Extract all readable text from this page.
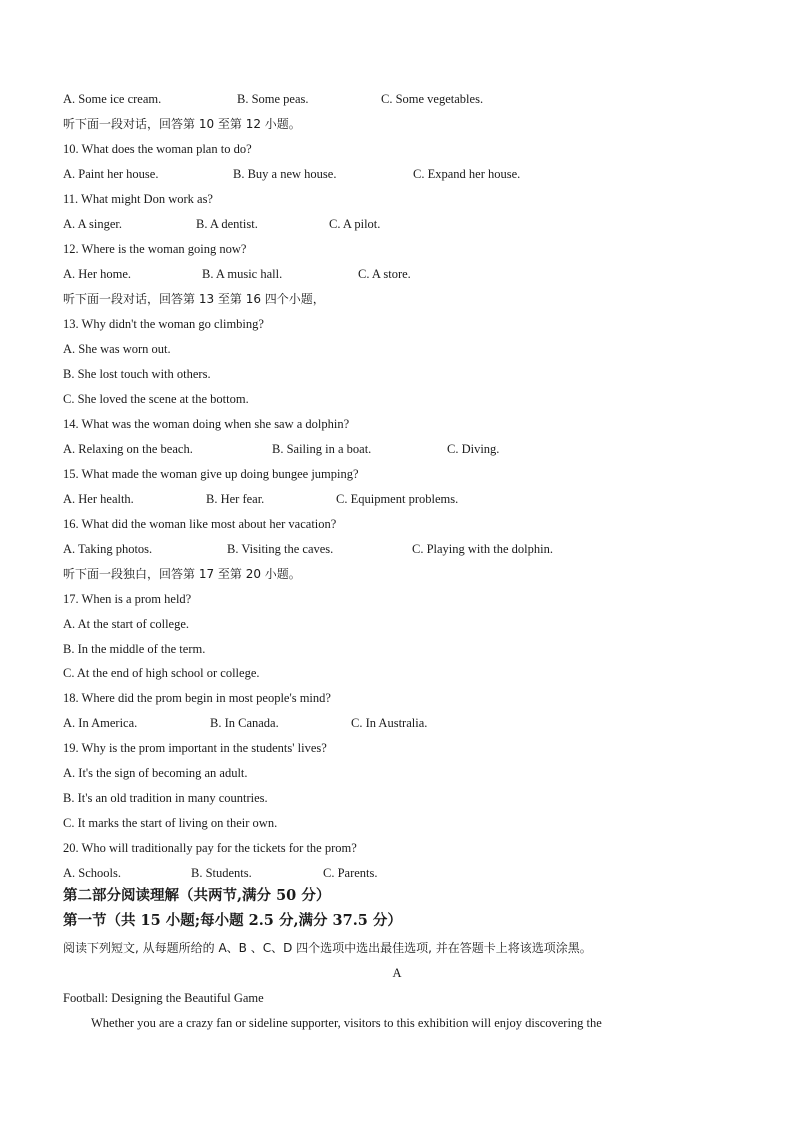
A. Some ice cream.	B. Some peas.	C. Some vegetables.
听下面一段对话，回答第 10 至第 12 小题。
10. What does the woman plan to do?
A. Paint her house.	B. Buy a new house.	C. Expand her house.
11. What might Don work as?
A. A singer.	B. A dentist.	C. A pilot.
12. Where is the woman going now?
A. Her home.	B. A music hall.	C. A store.
听下面一段对话，回答第 13 至第 16 四个小题，
13. Why didn't the woman go climbing?
A. She was worn out.
B. She lost touch with others.
C. She loved the scene at the bottom.
14. What was the woman doing when she saw a dolphin?
A. Relaxing on the beach.	B. Sailing in a boat.	C. Diving.
15. What made the woman give up doing bungee jumping?
A. Her health.	B. Her fear.	C. Equipment problems.
16. What did the woman like most about her vacation?
A. Taking photos.	B. Visiting the caves.	C. Playing with the dolphin.
听下面一段独白，回答第 17 至第 20 小题。
17. When is a prom held?
A. At the start of college.
B. In the middle of the term.
C. At the end of high school or college.
18. Where did the prom begin in most people's mind?
A. In America.	B. In Canada.	C. In Australia.
19. Why is the prom important in the students' lives?
A. It's the sign of becoming an adult.
B. It's an old tradition in many countries.
C. It marks the start of living on their own.
20. Who will traditionally pay for the tickets for the prom?
A. Schools.	B. Students.	C. Parents.
第二部分阅读理解（共两节,满分 50 分）
第一节（共 15 小题;每小题 2.5 分,满分 37.5 分）
阅读下列短文, 从每题所给的 A、B 、C、D 四个选项中选出最佳选项, 并在答题卡上将该选项涂黑。
A
Football: Designing the Beautiful Game
Whether you are a crazy fan or sideline supporter, visitors to this exhibition will enjoy discovering the
